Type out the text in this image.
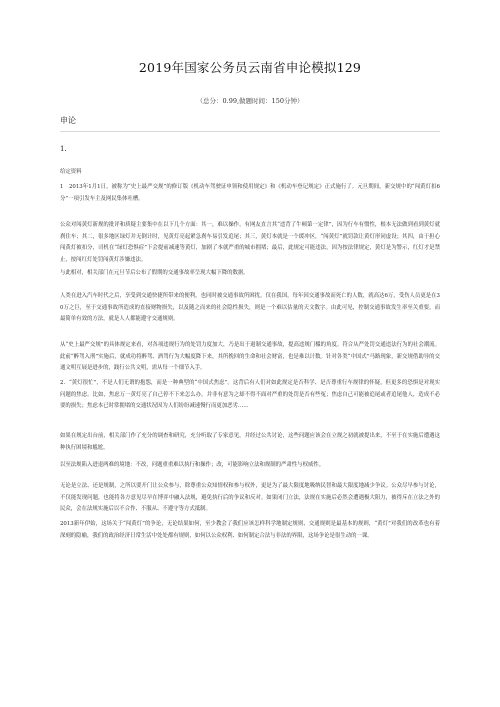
2019年国家公务员云南省申论模拟129
（总分：0.99,做题时间：150分钟）
申论
1.

给定资料

1　2013年1月1日，被称为“史上最严交规”的修订版《机动车驾驶证申领和使用规定》和《机动车登记规定》正式施行了。元旦期间，新交规中的“闯黄灯扣6分”一项引发车主及网民集体吐槽。

公众对闯黄灯新规的批评和质疑主要集中在以下几个方面：其一，难以操作。有网友直言其“违背了牛顿第一定律”，因为行车有惯性，根本无法做到看到黄灯就刹住车；其二，很多地区绿灯并无倒计时，见黄灯亮起紧急刹车易引发追尾；其三，黄灯本就是一个缓冲区，“闯黄灯”就罚款让黄灯形同虚设；其四，由于担心闯黄灯被扣分，司机在“绿灯恐惧症”下会提前减速等黄灯，加剧了本就严重的城市拥堵；最后，此规定可能违法，因为按法律规定，黄灯是为警示，红灯才是禁止，按闯红灯处罚闯黄灯涉嫌违法。

与此相对，相关部门在元旦节后公布了假期的交通事故率呈现大幅下降的数据。

人类在进入汽车时代之后，享受到交通快捷所带来的便利，也同时被交通事故所困扰。仅在我国，每年因交通事故而死亡的人数，就高达6万，受伤人员更是在30万之巨，至于交通事故所造成的直接财物损失，以及随之而来的社会隐性损失，则是一个难以估量的天文数字。由此可见，控制交通事故发生率至关重要，而最简单有效的方法，就是人人都能遵守交通规则。

从“史上最严交规”的具体规定来看，对各项违规行为的处罚力度加大，乃是出于遏制交通事故，提高违规门槛的角度。符合从严处罚交通违法行为的社会潮流。此前“醉驾入刑”实施后，就成功将醉驾、酒驾行为大幅度降下来，其所挽回的生命和社会财富，也是难以计数。针对各类“中国式”马路现象，新交规借助导的交通文明互展是进步的，践行公共文明，需从每一个细节入手。

2．“黄灯很忙”，不是人们无谓的抱怨，而是一种典型的“中国式焦虑”。这背后有人们对如此规定是否科学、是否尊重行车规律的怀疑，但更多的恐惧是对现实问题的焦虑。比如，焦虑万一黄灯亮了自己停不下来怎么办，并非有意为之却不得不面对严重的处罚是否有些冤；焦虑自己可能被追尾或者追尾他人，造成不必要的损失；焦虑本已时常拥堵的交通状况因为人们纷纷减速慢行而更加恶劣……

如果在规定出台前，相关部门作了充分的调查和研究，充分听取了专家意见，并经过公共讨论，这些问题应该会在立规之初就被提出来，不至于在实施后遭遇这种执行困境和尴尬。

以至法规陷入进退两难的境地：不改，问题重重难以执行和操作；改，可能影响立法和规制的严肃性与权威性。

无论是立法、还是规制，之所以要开门让公众参与，除尊重公众知情权和参与权外，更是为了最大限度地吸纳民智和最大限度地减少争议。公众尽早参与讨论，不仅能发现问题，也能将各方意见尽早在博弈中融入法规，避免执行后的争议和反对。如果闭门立法，法规在实施后必然会遭遇极大阻力，被得斥在立法之外的民众，会在法规实施后以不合作、不服从、不遵守等方式抵制。

2013新年伊始，这场关于“闯黄灯”的争论，无论结果如何，至少教会了我们应该怎样科学地制定规则、交通规则是最基本的规则，“黄灯”对我们的改革也有着深刻的隐喻，我们的政治经济日常生活中处处都有规则，如何以公众权利、如何制定合法与非法的界限，这场争论是很生动的一课。
